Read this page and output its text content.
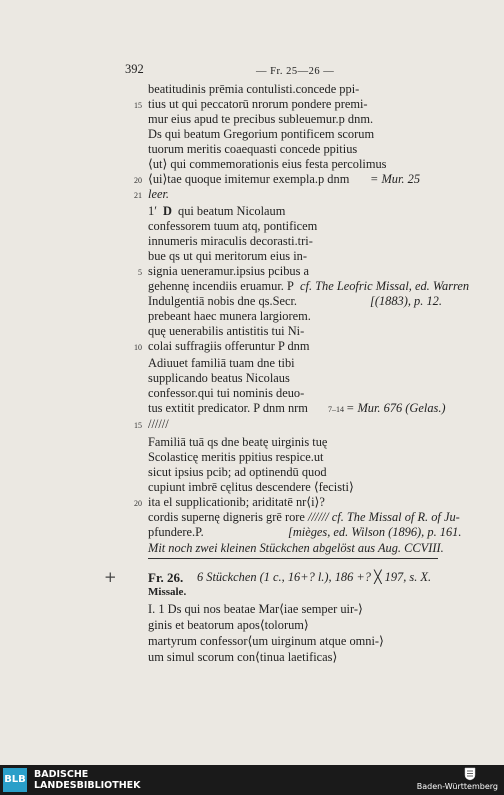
392	— Fr. 25—26 —
beatitudinis prēmia contulisti.concede ppi-
15 tius ut qui peccatorū nrorum pondere premi-
mur eius apud te precibus subleuemur.p dnm.
Ds qui beatum Gregorium pontificem scorum
tuorum meritis coaequasti concede ppitius
⟨ut⟩ qui commemorationis eius festa percolimus
20 ⟨ui⟩tae quoque imitemur exempla.p dnm = Mur. 25
21 leer.
1′ D qui beatum Nicolaum
confessorem tuum atq, pontificem
innumeris miraculis decorasti.tri-
bue qs ut qui meritorum eius in-
5 signia ueneramur.ipsius pcibus a
gehennę incendiis eruamur. P cf. The Leofric Missal, ed. Warren
Indulgentiā nobis dne qs.Secr.	[(1883), p. 12.
prebeant haec munera largiorem.
quę uenerabilis antistitis tui Ni-
10 colai suffragiis offeruntur P dnm
Adiuuet familiā tuam dne tibi
supplicando beatus Nicolaus
confessor.qui tui nominis deuo-
tus extitit predicator. P dnm nrm	7–14 = Mur. 676 (Gelas.)
15 //////
Familiā tuā qs dne beatę uirginis tuę
Scolasticę meritis ppitius respice.ut
sicut ipsius pcib; ad optinendū quod
cupiunt imbrē cęlitus descendere ⟨fecisti⟩
20 ita el supplicationib; ariditatē nr⟨i⟩?
cordis supernę digneris grē rore ////// cf. The Missal of R. of Ju-
pfundere.P.	[mièges, ed. Wilson (1896), p. 161.
Mit noch zwei kleinen Stückchen abgelöst aus Aug. CCVIII.
+ Fr. 26. 6 Stückchen (1 c., 16+? l.), 186 +? ╳ 197, s. X.
Missale.
I. 1 Ds qui nos beatae Mar⟨iae semper uir-⟩
ginis et beatorum apos⟨tolorum⟩
martyrum confessor⟨um uirginum atque omni-⟩
um simul scorum con⟨tinua laetificas⟩
BLB BADISCHE
LANDESBIBLIOTHEK	Baden-Württemberg
